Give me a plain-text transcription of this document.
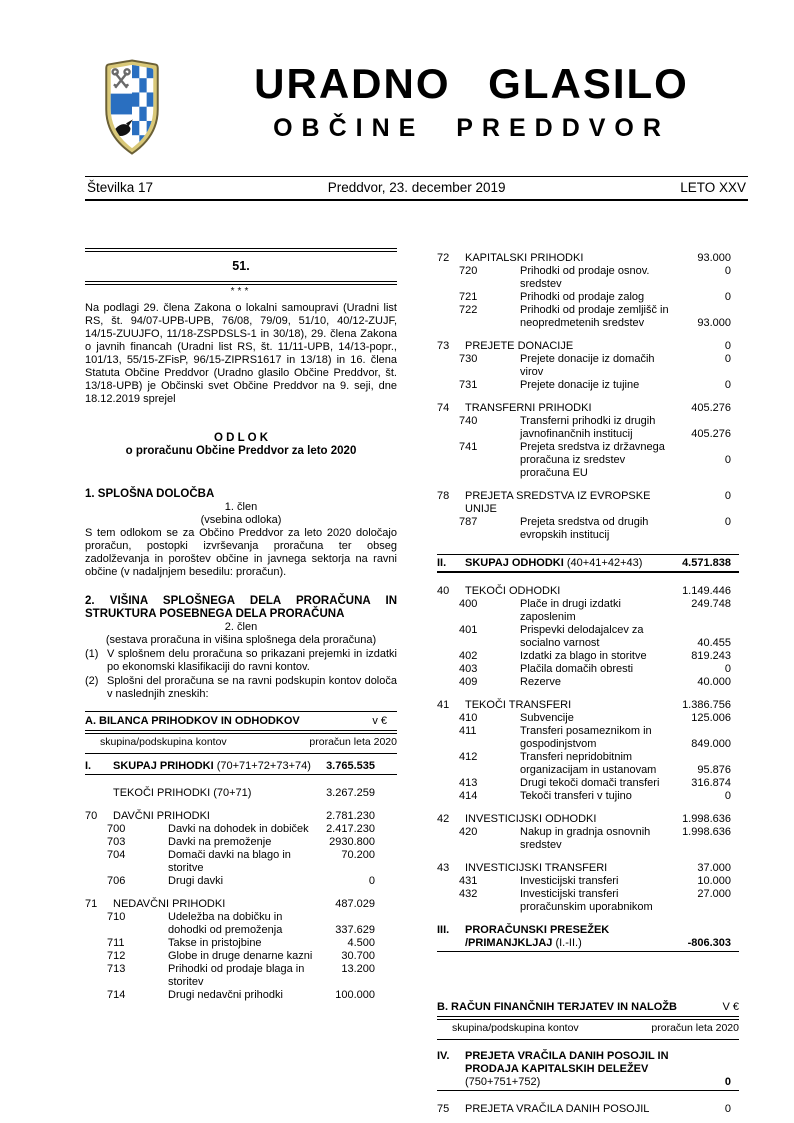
URADNO GLASILO
OBČINE PREDDVOR
Številka 17	Preddvor, 23. december 2019	LETO XXV
51.
***
Na podlagi 29. člena Zakona o lokalni samoupravi (Uradni list RS, št. 94/07-UPB-UPB, 76/08, 79/09, 51/10, 40/12-ZUJF, 14/15-ZUUJFO, 11/18-ZSPDSLS-1 in 30/18), 29. člena Zakona o javnih financah (Uradni list RS, št. 11/11-UPB, 14/13-popr., 101/13, 55/15-ZFisP, 96/15-ZIPRS1617 in 13/18) in 16. člena Statuta Občine Preddvor (Uradno glasilo Občine Preddvor, št. 13/18-UPB) je Občinski svet Občine Preddvor na 9. seji, dne 18.12.2019 sprejel
O D L O K
o proračunu Občine Preddvor za leto 2020
1. SPLOŠNA DOLOČBA
1. člen
(vsebina odloka)
S tem odlokom se za Občino Preddvor za leto 2020 določajo proračun, postopki izvrševanja proračuna ter obseg zadolževanja in poroštev občine in javnega sektorja na ravni občine (v nadaljnjem besedilu: proračun).
2. VIŠINA SPLOŠNEGA DELA PRORAČUNA IN STRUKTURA POSEBNEGA DELA PRORAČUNA
2. člen
(sestava proračuna in višina splošnega dela proračuna)
(1) V splošnem delu proračuna so prikazani prejemki in izdatki po ekonomski klasifikaciji do ravni kontov.
(2) Splošni del proračuna se na ravni podskupin kontov določa v naslednjih zneskih:
A. BILANCA PRIHODKOV IN ODHODKOV	v €
skupina/podskupina kontov	proračun leta 2020
I. SKUPAJ PRIHODKI (70+71+72+73+74)	3.765.535
TEKOČI PRIHODKI (70+71)	3.267.259
70 DAVČNI PRIHODKI	2.781.230
700	Davki na dohodek in dobiček	2.417.230
703	Davki na premoženje	2930.800
704	Domači davki na blago in
storitve
70.200
706	Drugi davki	0
71 NEDAVČNI PRIHODKI	487.029
710	Udeležba na dobičku in
dohodki od premoženja	337.629
711	Takse in pristojbine	4.500
712	Globe in druge denarne kazni	30.700
713	Prihodki od prodaje blaga in
storitev
13.200
714	Drugi nedavčni prihodki	100.000
72 KAPITALSKI PRIHODKI	93.000
720	Prihodki od prodaje osnov.
sredstev
0
721	Prihodki od prodaje zalog	0
722	Prihodki od prodaje zemljišč in
neopredmetenih sredstev	93.000
73 PREJETE DONACIJE	0
730	Prejete donacije iz domačih
virov
0
731	Prejete donacije iz tujine	0
74 TRANSFERNI PRIHODKI	405.276
740	Transferni prihodki iz drugih
javnofinančnih institucij	405.276
741	Prejeta sredstva iz državnega
proračuna iz sredstev
proračuna EU
0
78 PREJETA SREDSTVA IZ EVROPSKE
UNIJE
0
787	Prejeta sredstva od drugih
evropskih institucij
0
II. SKUPAJ ODHODKI (40+41+42+43)	4.571.838
40 TEKOČI ODHODKI	1.149.446
400	Plače in drugi izdatki
zaposlenim
249.748
401	Prispevki delodajalcev za
socialno varnost	40.455
402	Izdatki za blago in storitve	819.243
403	Plačila domačih obresti	0
409	Rezerve	40.000
41 TEKOČI TRANSFERI	1.386.756
410	Subvencije	125.006
411	Transferi posameznikom in
gospodinjstvom	849.000
412	Transferi nepridobitnim
organizacijam in ustanovam	95.876
413	Drugi tekoči domači transferi	316.874
414	Tekoči transferi v tujino	0
42 INVESTICIJSKI ODHODKI	1.998.636
420	Nakup in gradnja osnovnih
sredstev
1.998.636
43 INVESTICIJSKI TRANSFERI	37.000
431	Investicijski transferi	10.000
432	Investicijski transferi
proračunskim uporabnikom
27.000
III. PRORAČUNSKI PRESEŽEK
/PRIMANJKLJAJ (I.-II.)	-806.303
B. RAČUN FINANČNIH TERJATEV IN NALOŽB	V €
skupina/podskupina kontov	proračun leta 2020
IV. PREJETA VRAČILA DANIH POSOJIL IN
PRODAJA KAPITALSKIH DELEŽEV
(750+751+752)	0
75 PREJETA VRAČILA DANIH POSOJIL	0
